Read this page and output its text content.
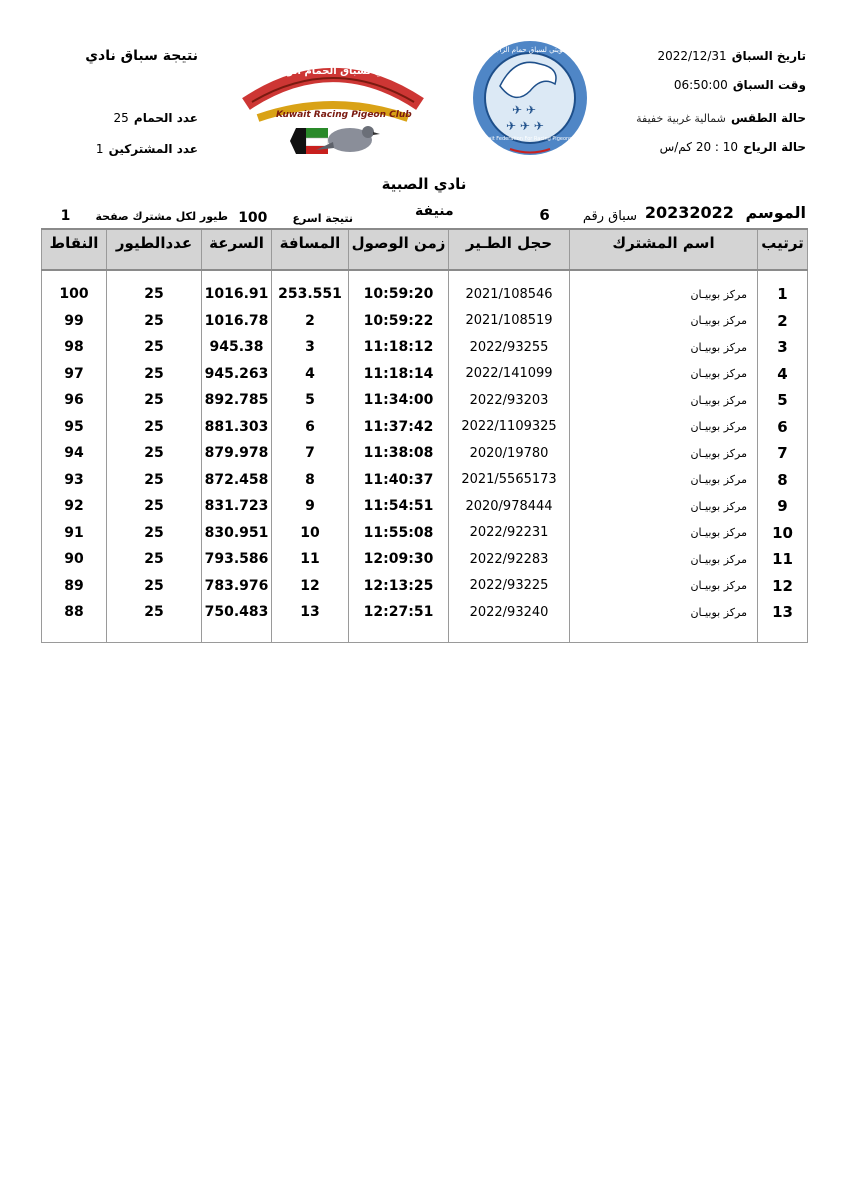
تاريخ السباق 2022/12/31
وقت السباق 06:50:00
حالة الطقس شمالية غربية خفيفة
حالة الرياح 10 : 20 كم/س
نتيجة سباق نادي
عدد الحمام 25
عدد المشتركين 1
النادي الكويتي لسباق الحمام الزاجل
Kuwait Racing Pigeon Club	✈ ✈
✈ ✈ ✈
الاتحاد الكويتي لسباق حمام الزاجل
Kuwait Federation For Racing Pigeons
نادي الصبية
الموسم 20232022
سباق رقم 6
منيفة
نتيجة اسرع 100
طيور لكل مشترك صفحة 1
النقاط	عددالطيور	السرعة	المسافة	زمن الوصول	حجل الطـير	اسم المشترك	ترتيب

100	25	1016.91	253.551	10:59:20	2021/108546	مركز بوبيـان	1
99	25	1016.78	2	10:59:22	2021/108519	مركز بوبيـان	2
98	25	945.38	3	11:18:12	2022/93255	مركز بوبيـان	3
97	25	945.263	4	11:18:14	2022/141099	مركز بوبيـان	4
96	25	892.785	5	11:34:00	2022/93203	مركز بوبيـان	5
95	25	881.303	6	11:37:42	2022/1109325	مركز بوبيـان	6
94	25	879.978	7	11:38:08	2020/19780	مركز بوبيـان	7
93	25	872.458	8	11:40:37	2021/5565173	مركز بوبيـان	8
92	25	831.723	9	11:54:51	2020/978444	مركز بوبيـان	9
91	25	830.951	10	11:55:08	2022/92231	مركز بوبيـان	10
90	25	793.586	11	12:09:30	2022/92283	مركز بوبيـان	11
89	25	783.976	12	12:13:25	2022/93225	مركز بوبيـان	12
88	25	750.483	13	12:27:51	2022/93240	مركز بوبيـان	13
